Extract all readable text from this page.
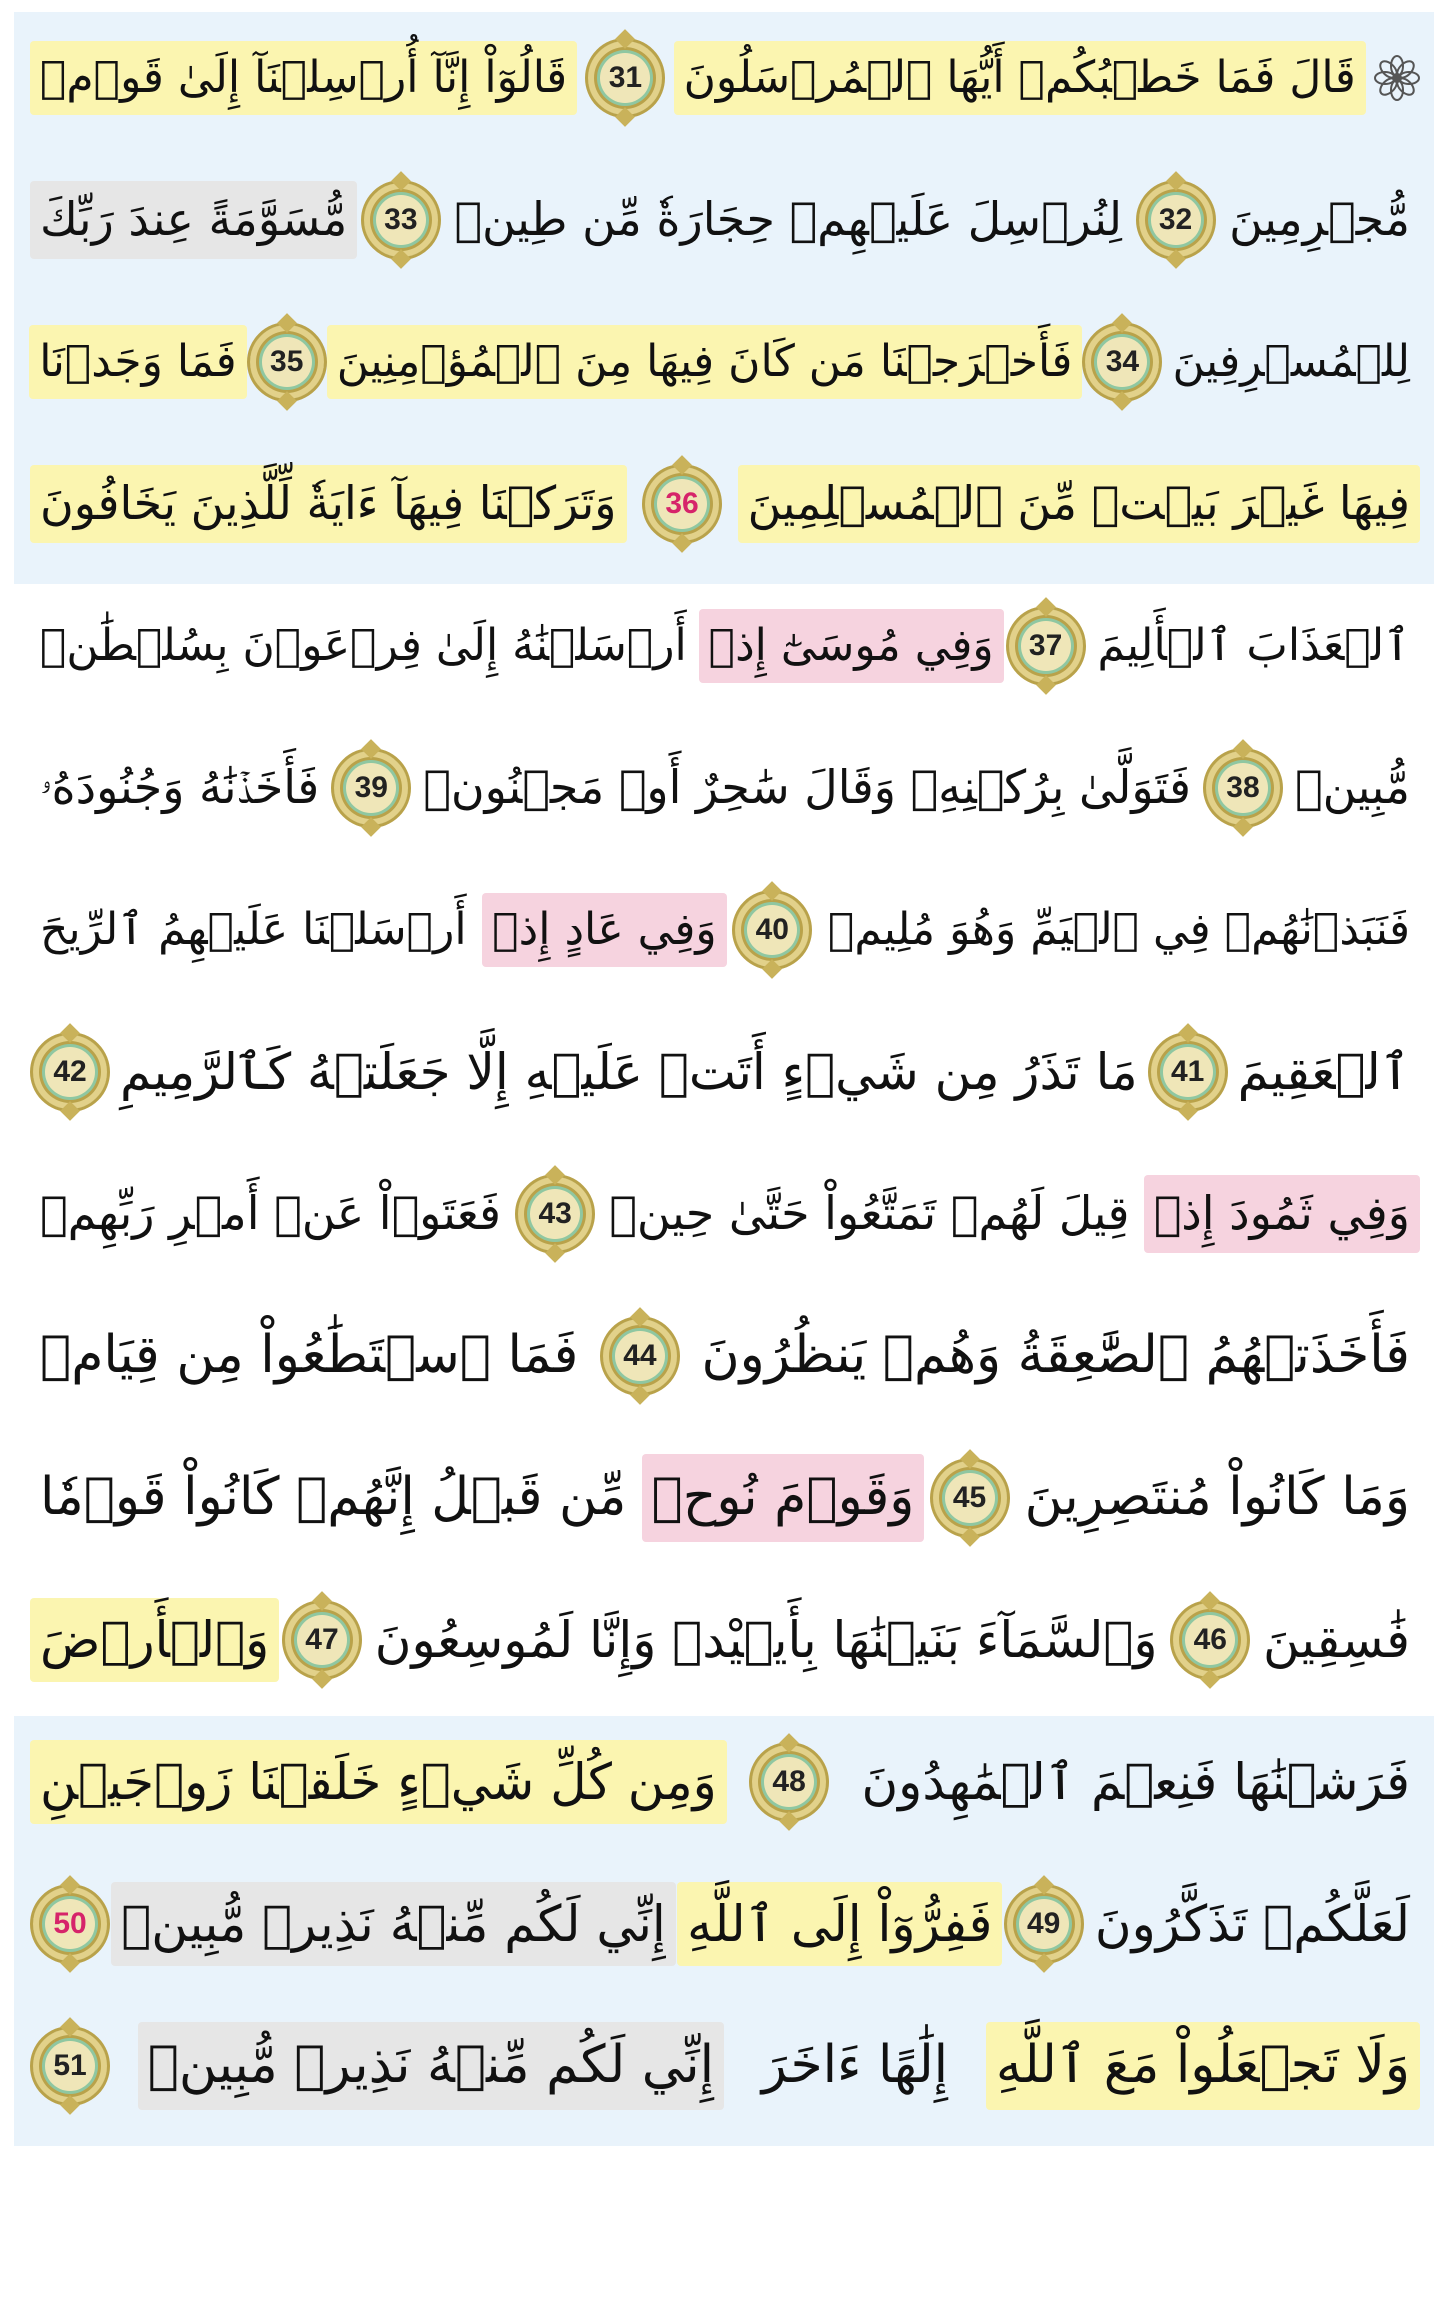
قَالَ فَمَا خَطۡبُكُمۡ أَيُّهَا ٱلۡمُرۡسَلُونَ
31
قَالُوٓاْ إِنَّآ أُرۡسِلۡنَآ إِلَىٰ قَوۡمٖ
مُّجۡرِمِينَ
32
لِنُرۡسِلَ عَلَيۡهِمۡ حِجَارَةٗ مِّن طِينٖ
33
مُّسَوَّمَةً عِندَ رَبِّكَ
لِلۡمُسۡرِفِينَ
34
فَأَخۡرَجۡنَا مَن كَانَ فِيهَا مِنَ ٱلۡمُؤۡمِنِينَ
35
فَمَا وَجَدۡنَا
فِيهَا غَيۡرَ بَيۡتٖ مِّنَ ٱلۡمُسۡلِمِينَ
36
وَتَرَكۡنَا فِيهَآ ءَايَةٗ لِّلَّذِينَ يَخَافُونَ
ٱلۡعَذَابَ ٱلۡأَلِيمَ
37
وَفِي مُوسَىٰٓ إِذۡ
أَرۡسَلۡنَٰهُ إِلَىٰ فِرۡعَوۡنَ بِسُلۡطَٰنٖ
مُّبِينٖ
38
فَتَوَلَّىٰ بِرُكۡنِهِۦ وَقَالَ سَٰحِرٌ أَوۡ مَجۡنُونٞ
39
فَأَخَذۡنَٰهُ وَجُنُودَهُۥ
فَنَبَذۡنَٰهُمۡ فِي ٱلۡيَمِّ وَهُوَ مُلِيمٞ
40
وَفِي عَادٍ إِذۡ
أَرۡسَلۡنَا عَلَيۡهِمُ ٱلرِّيحَ
ٱلۡعَقِيمَ
41
مَا تَذَرُ مِن شَيۡءٍ أَتَتۡ عَلَيۡهِ إِلَّا جَعَلَتۡهُ كَٱلرَّمِيمِ
42
وَفِي ثَمُودَ إِذۡ
قِيلَ لَهُمۡ تَمَتَّعُواْ حَتَّىٰ حِينٖ
43
فَعَتَوۡاْ عَنۡ أَمۡرِ رَبِّهِمۡ
فَأَخَذَتۡهُمُ ٱلصَّٰعِقَةُ وَهُمۡ يَنظُرُونَ
44
فَمَا ٱسۡتَطَٰعُواْ مِن قِيَامٖ
وَمَا كَانُواْ مُنتَصِرِينَ
45
وَقَوۡمَ نُوحٖ
مِّن قَبۡلُ إِنَّهُمۡ كَانُواْ قَوۡمٗا
فَٰسِقِينَ
46
وَٱلسَّمَآءَ بَنَيۡنَٰهَا بِأَيۡيْدٖ وَإِنَّا لَمُوسِعُونَ
47
وَٱلۡأَرۡضَ
فَرَشۡنَٰهَا فَنِعۡمَ ٱلۡمَٰهِدُونَ
48
وَمِن كُلِّ شَيۡءٍ خَلَقۡنَا زَوۡجَيۡنِ
لَعَلَّكُمۡ تَذَكَّرُونَ
49
فَفِرُّوٓاْ إِلَى ٱللَّهِ
إِنِّي لَكُم مِّنۡهُ نَذِيرٞ مُّبِينٞ
50
وَلَا تَجۡعَلُواْ مَعَ ٱللَّهِ
إِلَٰهًا ءَاخَرَ
إِنِّي لَكُم مِّنۡهُ نَذِيرٞ مُّبِينٞ
51
